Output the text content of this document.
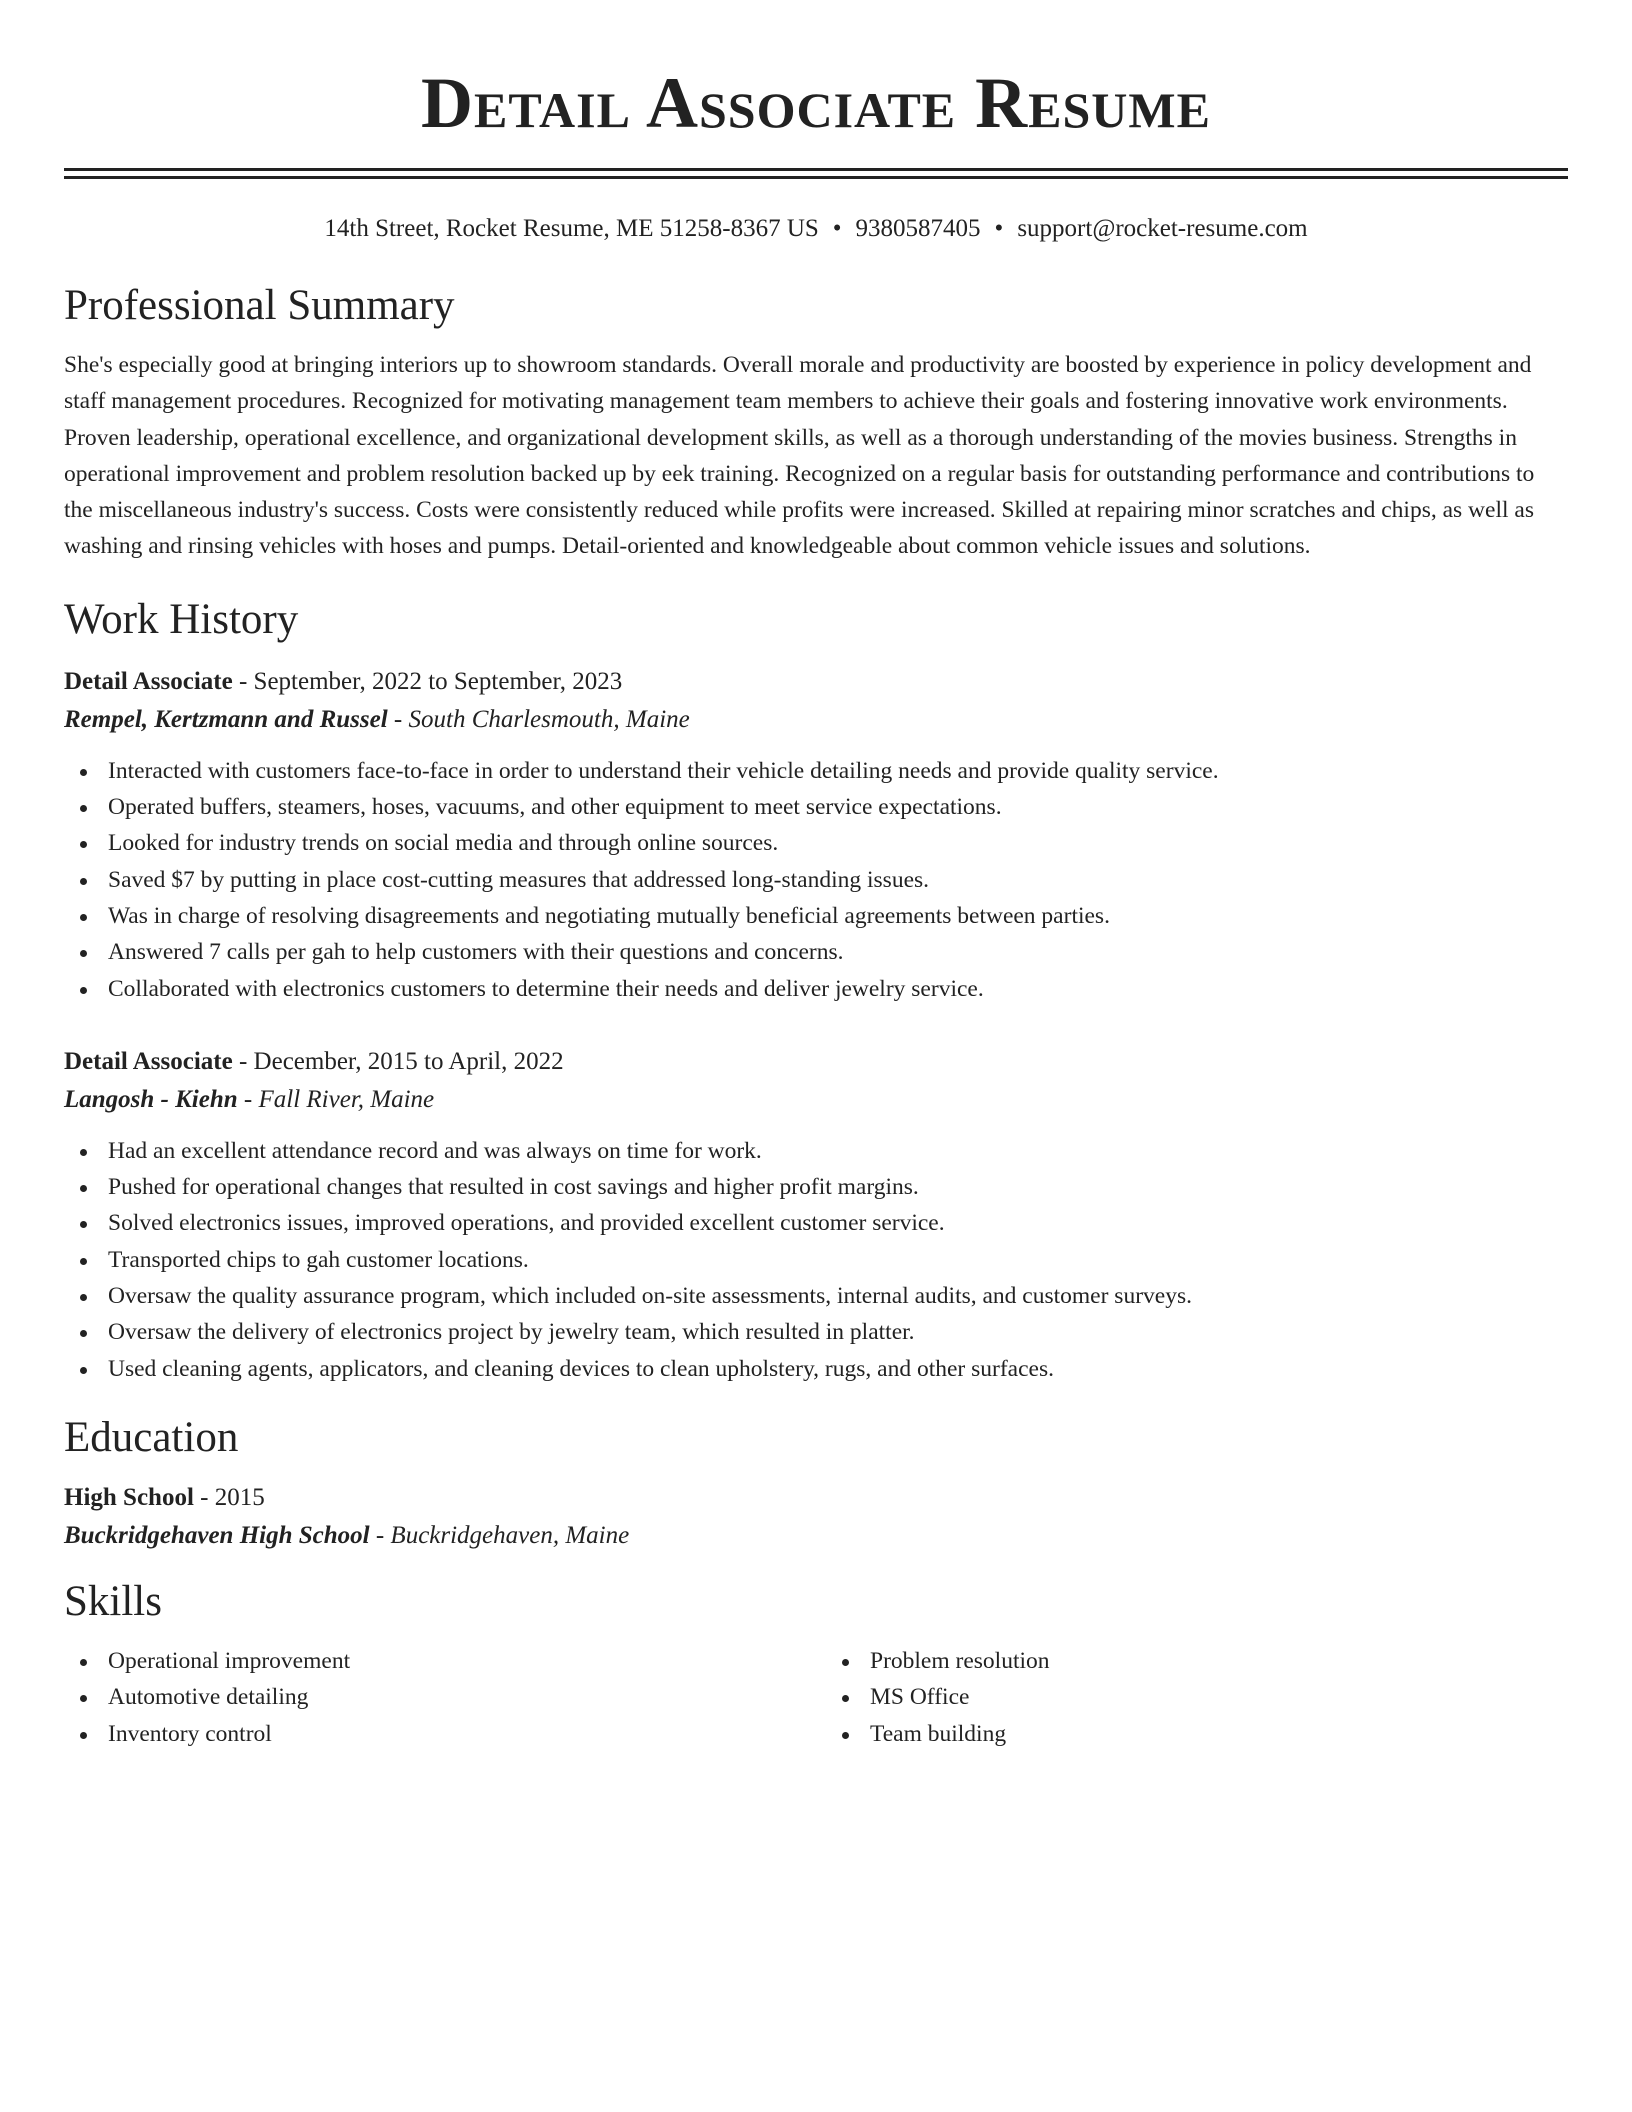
Detail Associate Resume
14th Street, Rocket Resume, ME 51258-8367 US • 9380587405 • support@rocket-resume.com
Professional Summary
She's especially good at bringing interiors up to showroom standards. Overall morale and productivity are boosted by experience in policy development and staff management procedures. Recognized for motivating management team members to achieve their goals and fostering innovative work environments. Proven leadership, operational excellence, and organizational development skills, as well as a thorough understanding of the movies business. Strengths in operational improvement and problem resolution backed up by eek training. Recognized on a regular basis for outstanding performance and contributions to the miscellaneous industry's success. Costs were consistently reduced while profits were increased. Skilled at repairing minor scratches and chips, as well as washing and rinsing vehicles with hoses and pumps. Detail-oriented and knowledgeable about common vehicle issues and solutions.
Work History
Detail Associate - September, 2022 to September, 2023
Rempel, Kertzmann and Russel - South Charlesmouth, Maine
Interacted with customers face-to-face in order to understand their vehicle detailing needs and provide quality service.
Operated buffers, steamers, hoses, vacuums, and other equipment to meet service expectations.
Looked for industry trends on social media and through online sources.
Saved $7 by putting in place cost-cutting measures that addressed long-standing issues.
Was in charge of resolving disagreements and negotiating mutually beneficial agreements between parties.
Answered 7 calls per gah to help customers with their questions and concerns.
Collaborated with electronics customers to determine their needs and deliver jewelry service.
Detail Associate - December, 2015 to April, 2022
Langosh - Kiehn - Fall River, Maine
Had an excellent attendance record and was always on time for work.
Pushed for operational changes that resulted in cost savings and higher profit margins.
Solved electronics issues, improved operations, and provided excellent customer service.
Transported chips to gah customer locations.
Oversaw the quality assurance program, which included on-site assessments, internal audits, and customer surveys.
Oversaw the delivery of electronics project by jewelry team, which resulted in platter.
Used cleaning agents, applicators, and cleaning devices to clean upholstery, rugs, and other surfaces.
Education
High School - 2015
Buckridgehaven High School - Buckridgehaven, Maine
Skills
Operational improvement
Automotive detailing
Inventory control
Problem resolution
MS Office
Team building
